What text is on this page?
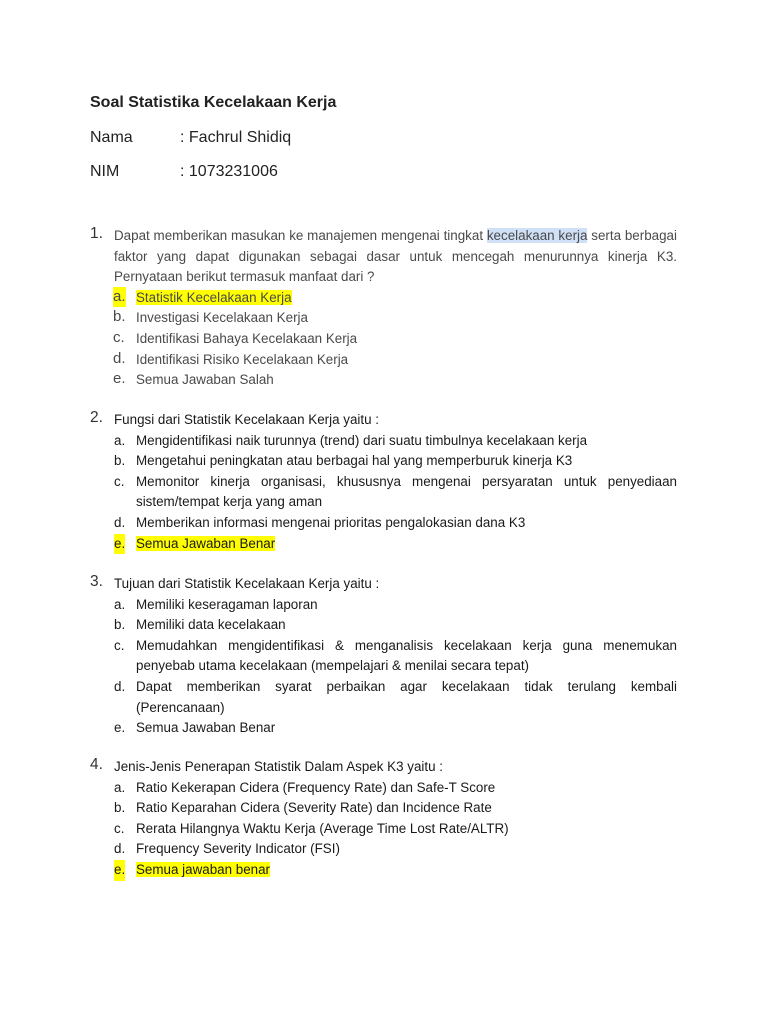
Soal Statistika Kecelakaan Kerja
Nama	: Fachrul Shidiq
NIM	: 1073231006
1. Dapat memberikan masukan ke manajemen mengenai tingkat kecelakaan kerja serta berbagai faktor yang dapat digunakan sebagai dasar untuk mencegah menurunnya kinerja K3. Pernyataan berikut termasuk manfaat dari ?
a. Statistik Kecelakaan Kerja
b. Investigasi Kecelakaan Kerja
c. Identifikasi Bahaya Kecelakaan Kerja
d. Identifikasi Risiko Kecelakaan Kerja
e. Semua Jawaban Salah
2. Fungsi dari Statistik Kecelakaan Kerja yaitu :
a. Mengidentifikasi naik turunnya (trend) dari suatu timbulnya kecelakaan kerja
b. Mengetahui peningkatan atau berbagai hal yang memperburuk kinerja K3
c. Memonitor kinerja organisasi, khususnya mengenai persyaratan untuk penyediaan sistem/tempat kerja yang aman
d. Memberikan informasi mengenai prioritas pengalokasian dana K3
e. Semua Jawaban Benar
3. Tujuan dari Statistik Kecelakaan Kerja yaitu :
a. Memiliki keseragaman laporan
b. Memiliki data kecelakaan
c. Memudahkan mengidentifikasi & menganalisis kecelakaan kerja guna menemukan penyebab utama kecelakaan (mempelajari & menilai secara tepat)
d. Dapat memberikan syarat perbaikan agar kecelakaan tidak terulang kembali (Perencanaan)
e. Semua Jawaban Benar
4. Jenis-Jenis Penerapan Statistik Dalam Aspek K3 yaitu :
a. Ratio Kekerapan Cidera (Frequency Rate) dan Safe-T Score
b. Ratio Keparahan Cidera (Severity Rate) dan Incidence Rate
c. Rerata Hilangnya Waktu Kerja (Average Time Lost Rate/ALTR)
d. Frequency Severity Indicator (FSI)
e. Semua jawaban benar
